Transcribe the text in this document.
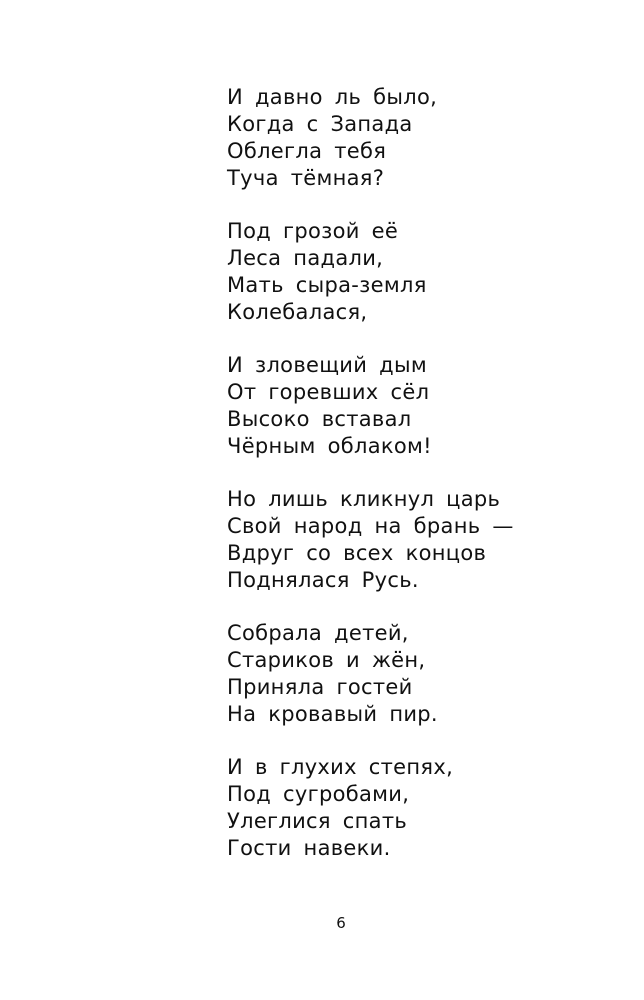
И давно ль было,
Когда с Запада
Облегла тебя
Туча тёмная?
Под грозой её
Леса падали,
Мать сыра-земля
Колебалася,
И зловещий дым
От горевших сёл
Высоко вставал
Чёрным облаком!
Но лишь кликнул царь
Свой народ на брань —
Вдруг со всех концов
Поднялася Русь.
Собрала детей,
Стариков и жён,
Приняла гостей
На кровавый пир.
И в глухих степях,
Под сугробами,
Улеглися спать
Гости навеки.
6
